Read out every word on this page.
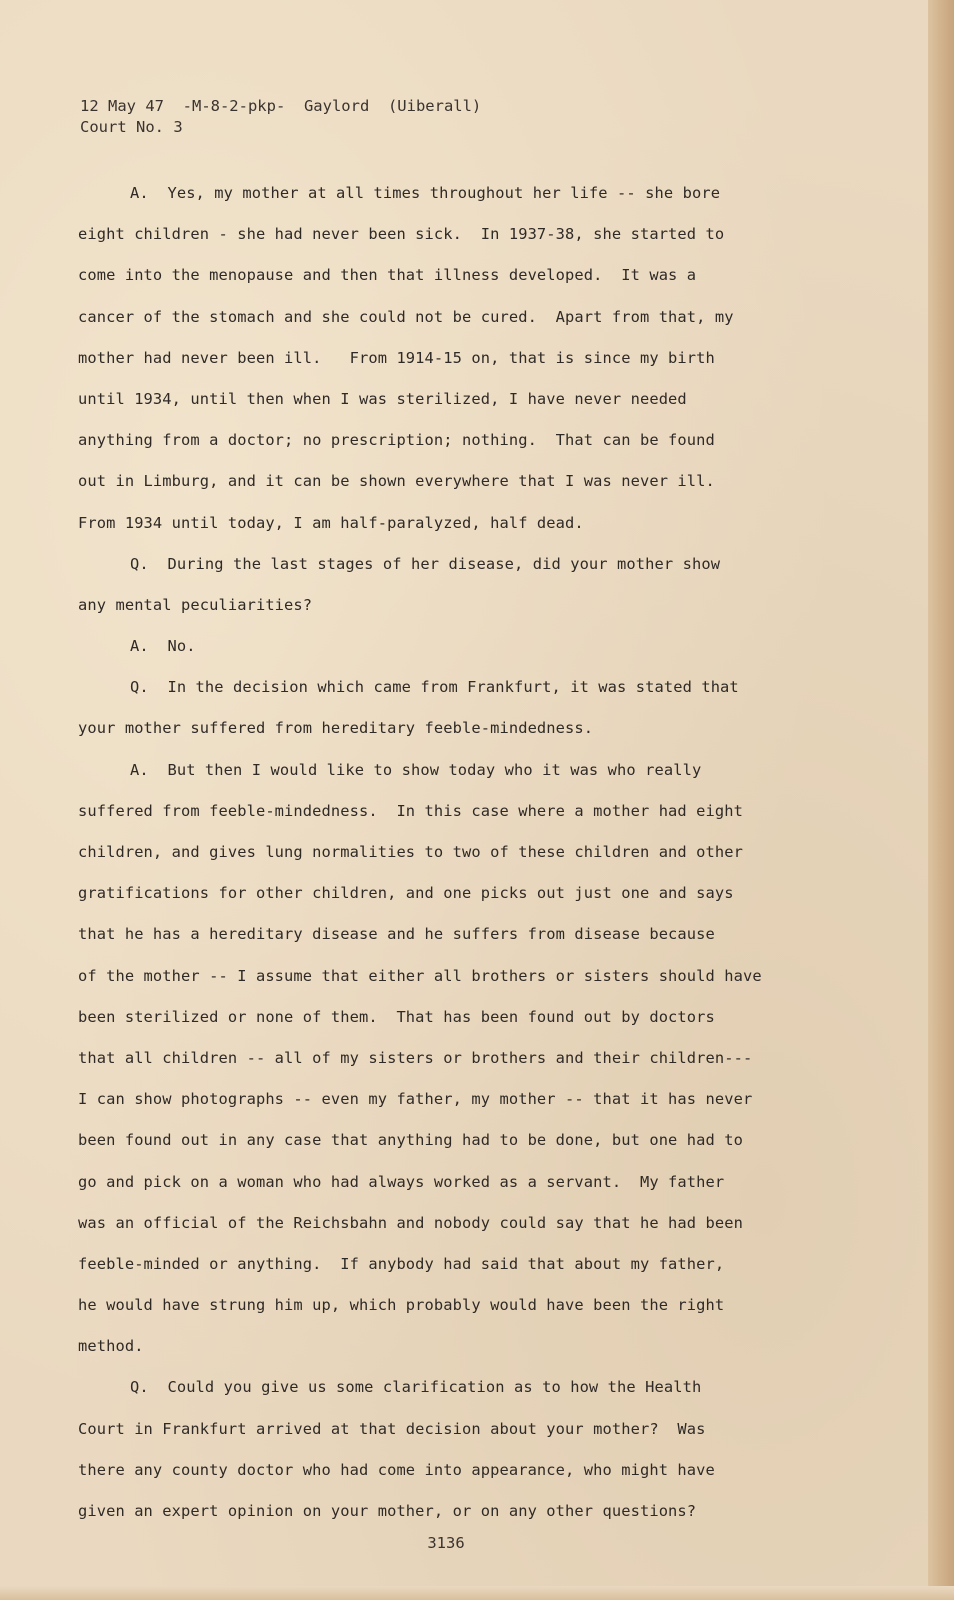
12 May 47  -M-8-2-pkp-  Gaylord  (Uiberall)
Court No. 3
A.  Yes, my mother at all times throughout her life -- she bore
eight children - she had never been sick.  In 1937-38, she started to
come into the menopause and then that illness developed.  It was a
cancer of the stomach and she could not be cured.  Apart from that, my
mother had never been ill.   From 1914-15 on, that is since my birth
until 1934, until then when I was sterilized, I have never needed
anything from a doctor; no prescription; nothing.  That can be found
out in Limburg, and it can be shown everywhere that I was never ill.
From 1934 until today, I am half-paralyzed, half dead.
Q.  During the last stages of her disease, did your mother show
any mental peculiarities?
A.  No.
Q.  In the decision which came from Frankfurt, it was stated that
your mother suffered from hereditary feeble-mindedness.
A.  But then I would like to show today who it was who really
suffered from feeble-mindedness.  In this case where a mother had eight
children, and gives lung normalities to two of these children and other
gratifications for other children, and one picks out just one and says
that he has a hereditary disease and he suffers from disease because
of the mother -- I assume that either all brothers or sisters should have
been sterilized or none of them.  That has been found out by doctors
that all children -- all of my sisters or brothers and their children---
I can show photographs -- even my father, my mother -- that it has never
been found out in any case that anything had to be done, but one had to
go and pick on a woman who had always worked as a servant.  My father
was an official of the Reichsbahn and nobody could say that he had been
feeble-minded or anything.  If anybody had said that about my father,
he would have strung him up, which probably would have been the right
method.
Q.  Could you give us some clarification as to how the Health
Court in Frankfurt arrived at that decision about your mother?  Was
there any county doctor who had come into appearance, who might have
given an expert opinion on your mother, or on any other questions?
3136
